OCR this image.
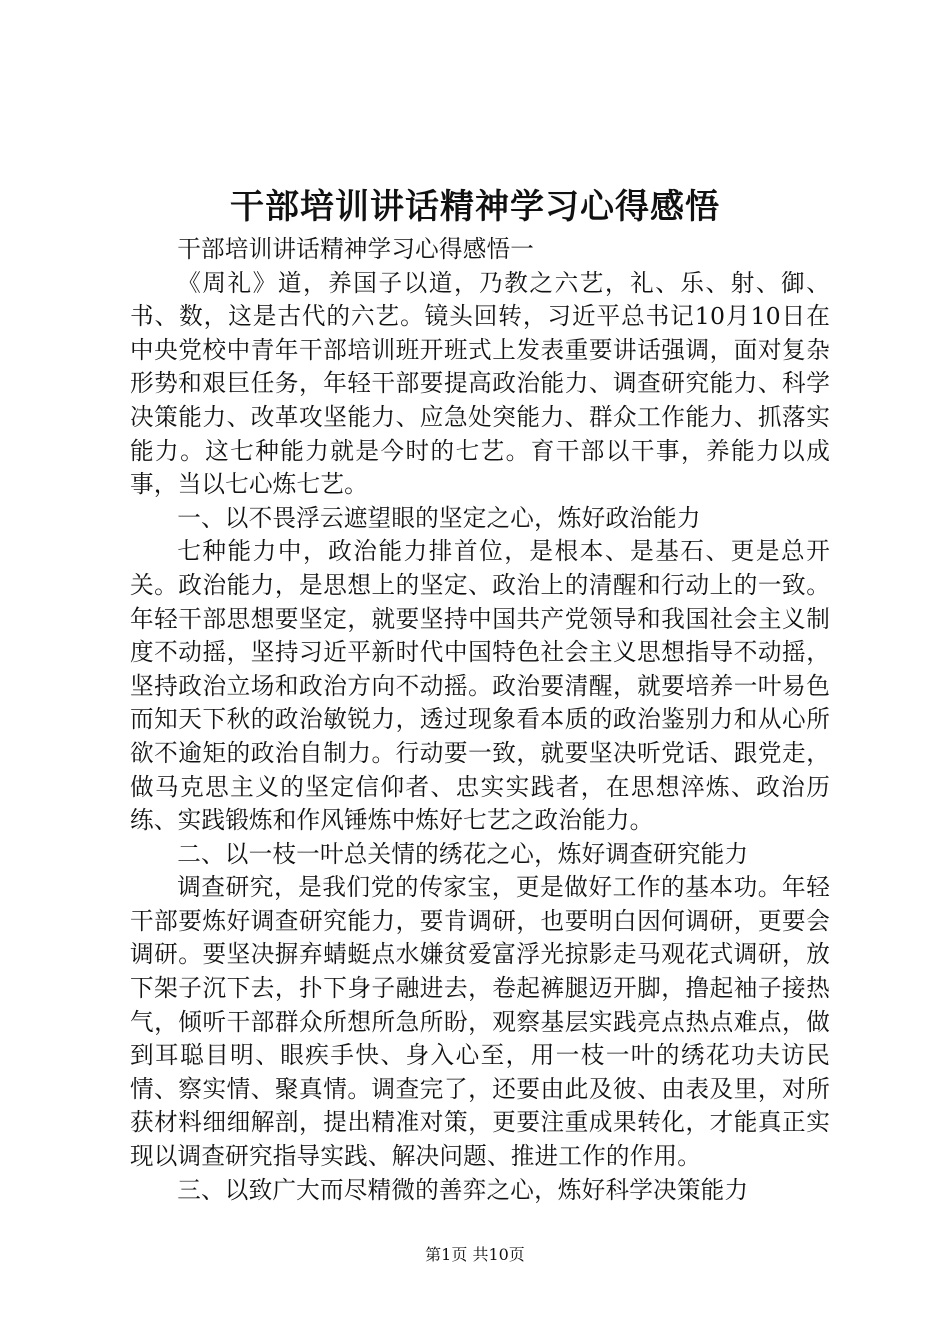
干部培训讲话精神学习心得感悟

干部培训讲话精神学习心得感悟一

《周礼》道，养国子以道，乃教之六艺，礼、乐、射、御、书、数，这是古代的六艺。镜头回转，习近平总书记10月10日在中央党校中青年干部培训班开班式上发表重要讲话强调，面对复杂形势和艰巨任务，年轻干部要提高政治能力、调查研究能力、科学决策能力、改革攻坚能力、应急处突能力、群众工作能力、抓落实能力。这七种能力就是今时的七艺。育干部以干事，养能力以成事，当以七心炼七艺。

一、以不畏浮云遮望眼的坚定之心，炼好政治能力

七种能力中，政治能力排首位，是根本、是基石、更是总开关。政治能力，是思想上的坚定、政治上的清醒和行动上的一致。年轻干部思想要坚定，就要坚持中国共产党领导和我国社会主义制度不动摇，坚持习近平新时代中国特色社会主义思想指导不动摇，坚持政治立场和政治方向不动摇。政治要清醒，就要培养一叶易色而知天下秋的政治敏锐力，透过现象看本质的政治鉴别力和从心所欲不逾矩的政治自制力。行动要一致，就要坚决听党话、跟党走，做马克思主义的坚定信仰者、忠实实践者，在思想淬炼、政治历练、实践锻炼和作风锤炼中炼好七艺之政治能力。

二、以一枝一叶总关情的绣花之心，炼好调查研究能力

调查研究，是我们党的传家宝，更是做好工作的基本功。年轻干部要炼好调查研究能力，要肯调研，也要明白因何调研，更要会调研。要坚决摒弃蜻蜓点水嫌贫爱富浮光掠影走马观花式调研，放下架子沉下去，扑下身子融进去，卷起裤腿迈开脚，撸起袖子接热气，倾听干部群众所想所急所盼，观察基层实践亮点热点难点，做到耳聪目明、眼疾手快、身入心至，用一枝一叶的绣花功夫访民情、察实情、聚真情。调查完了，还要由此及彼、由表及里，对所获材料细细解剖，提出精准对策，更要注重成果转化，才能真正实现以调查研究指导实践、解决问题、推进工作的作用。

三、以致广大而尽精微的善弈之心，炼好科学决策能力

第1页 共10页
